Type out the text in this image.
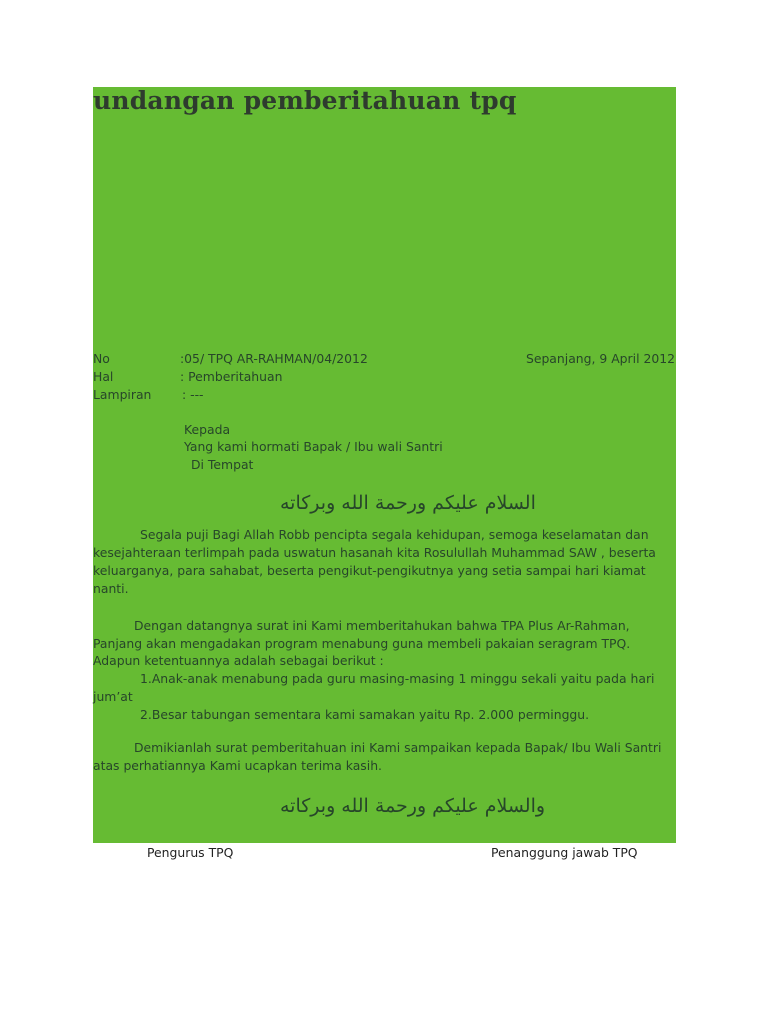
undangan pemberitahuan tpq
No	:05/ TPQ AR-RAHMAN/04/2012	Sepanjang, 9 April 2012
Hal	: Pemberitahuan
Lampiran : ---
Kepada
Yang kami hormati Bapak / Ibu wali Santri
Di Tempat
السلام عليكم ورحمة الله وبركاته
Segala puji Bagi Allah Robb pencipta segala kehidupan, semoga keselamatan dan
kesejahteraan terlimpah pada uswatun hasanah kita Rosulullah Muhammad SAW , beserta
keluarganya, para sahabat, beserta pengikut-pengikutnya yang setia sampai hari kiamat
nanti.
Dengan datangnya surat ini Kami memberitahukan bahwa TPA Plus Ar-Rahman,
Panjang akan mengadakan program menabung guna membeli pakaian seragram TPQ.
Adapun ketentuannya adalah sebagai berikut :
1.Anak-anak menabung pada guru masing-masing 1 minggu sekali yaitu pada hari
jum’at
2.Besar tabungan sementara kami samakan yaitu Rp. 2.000 perminggu.
Demikianlah surat pemberitahuan ini Kami sampaikan kepada Bapak/ Ibu Wali Santri
atas perhatiannya Kami ucapkan terima kasih.
والسلام عليكم ورحمة الله وبركاته
Pengurus TPQ	Penanggung jawab TPQ
